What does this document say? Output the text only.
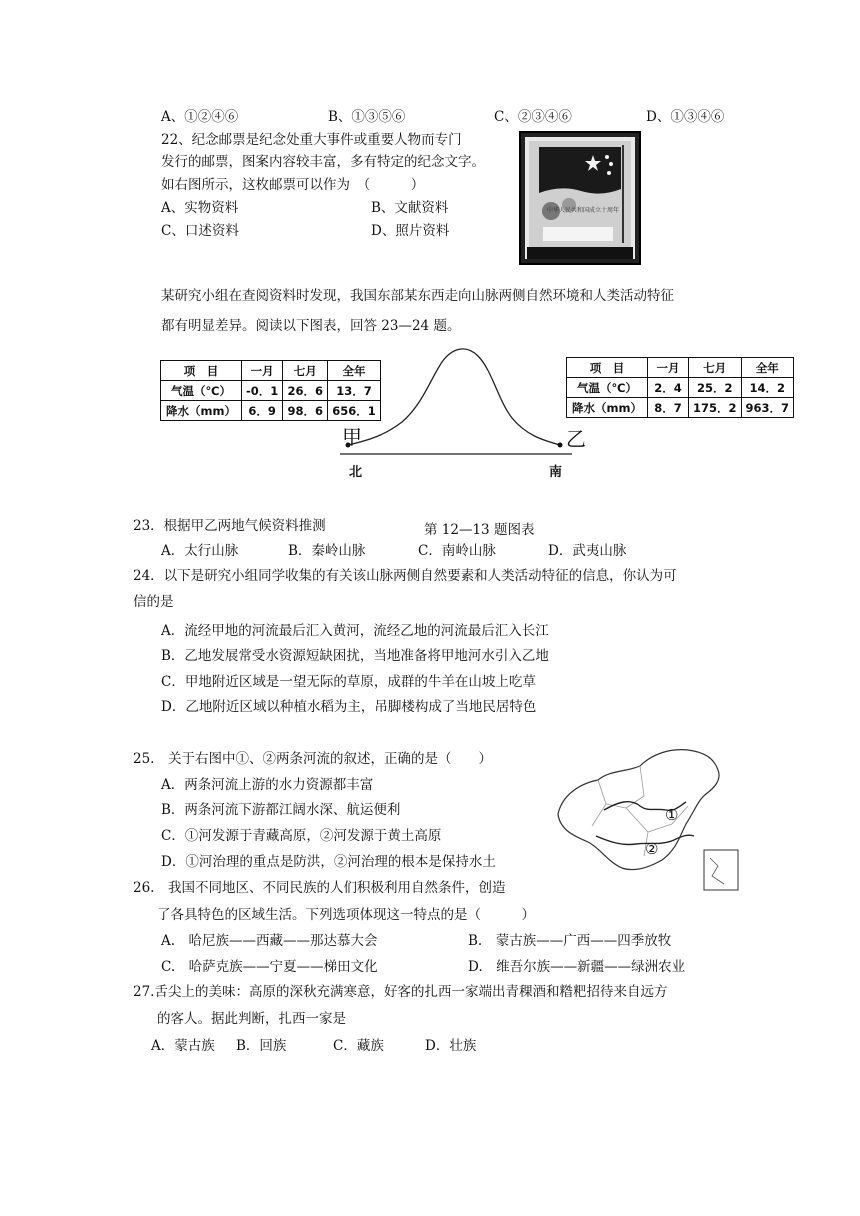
A、①②④⑥	B、①③⑤⑥	C、②③④⑥	D、①③④⑥
22、纪念邮票是纪念处重大事件或重要人物而专门
发行的邮票，图案内容较丰富，多有特定的纪念文字。
如右图所示，这枚邮票可以作为　（　　　）
A、实物资料	B、文献资料
C、口述资料	D、照片资料
中华人民共和国成立十周年
某研究小组在查阅资料时发现，我国东部某东西走向山脉两侧自然环境和人类活动特征
都有明显差异。阅读以下图表，回答 23—24 题。
项　目	一月	七月	全年
气温（℃）	-0．1	26．6	13．7
降水（mm）	6．9	98．6	656．1
项　目	一月	七月	全年
气温（℃）	2．4	25．2	14．2
降水（mm）	8．7	175．2	963．7
甲	乙
北	南
23．根据甲乙两地气候资料推测	第 12—13 题图表
A．太行山脉	B．秦岭山脉	C．南岭山脉	D．武夷山脉
24．以下是研究小组同学收集的有关该山脉两侧自然要素和人类活动特征的信息，你认为可
信的是
A．流经甲地的河流最后汇入黄河，流经乙地的河流最后汇入长江
B．乙地发展常受水资源短缺困扰，当地准备将甲地河水引入乙地
C．甲地附近区域是一望无际的草原，成群的牛羊在山坡上吃草
D．乙地附近区域以种植水稻为主，吊脚楼构成了当地民居特色
25.　关于右图中①、②两条河流的叙述，正确的是（　　）
A．两条河流上游的水力资源都丰富
B．两条河流下游都江阔水深、航运便利
C．①河发源于青藏高原，②河发源于黄土高原
D．①河治理的重点是防洪，②河治理的根本是保持水土
①
②
26.　我国不同地区、不同民族的人们积极利用自然条件，创造
了各具特色的区域生活。下列选项体现这一特点的是（　　　）
A.　哈尼族——西藏——那达慕大会	B.　蒙古族——广西——四季放牧
C.　哈萨克族——宁夏——梯田文化	D.　维吾尔族——新疆——绿洲农业
27.舌尖上的美味：高原的深秋充满寒意，好客的扎西一家端出青稞酒和糌粑招待来自远方
的客人。据此判断，扎西一家是
A．蒙古族 B．回族	C．藏族	D．壮族
